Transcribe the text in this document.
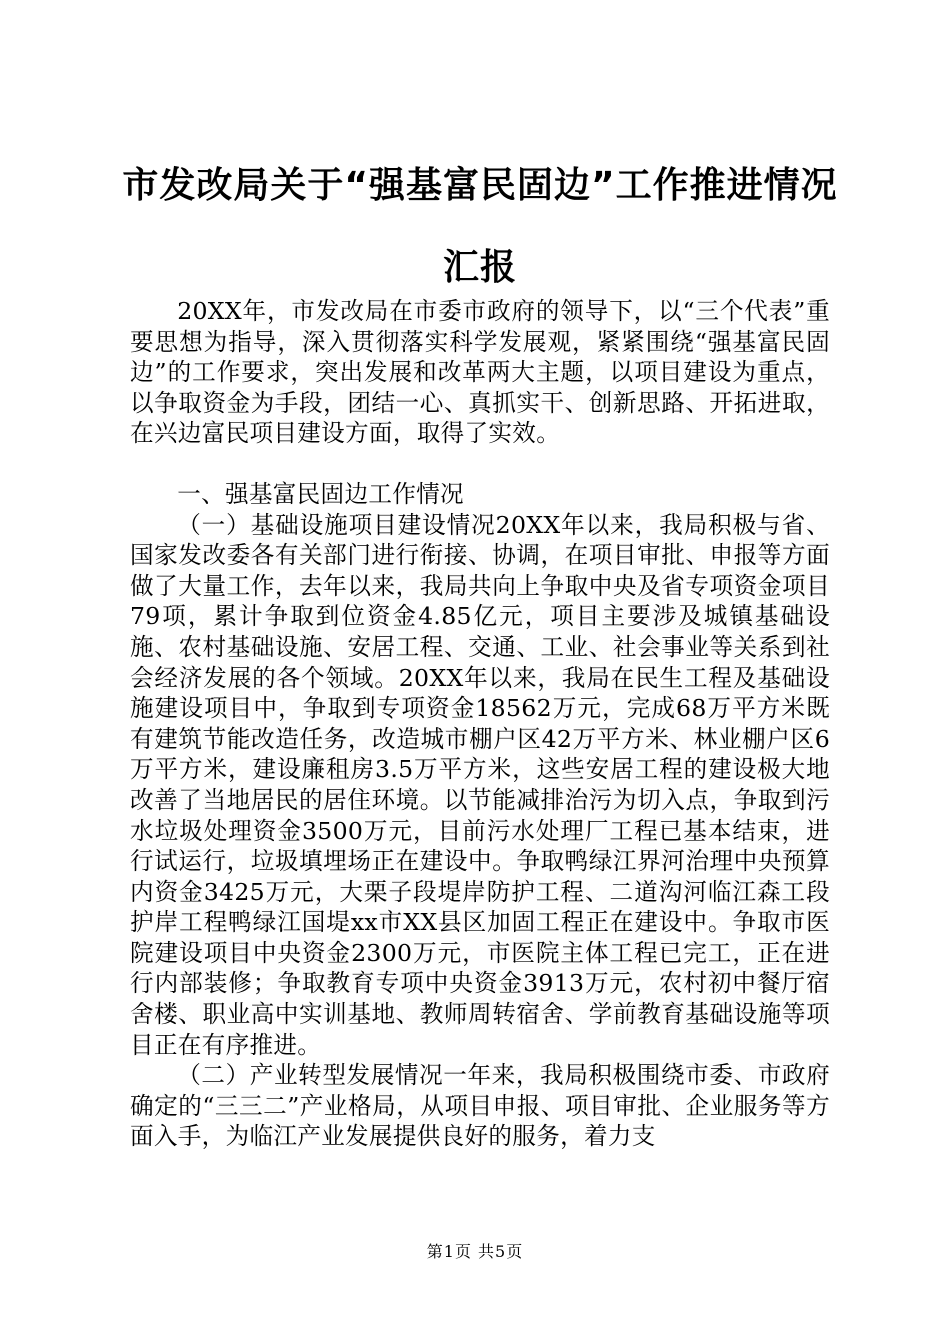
市发改局关于“强基富民固边”工作推进情况
汇报

20XX年，市发改局在市委市政府的领导下，以“三个代表”重要思想为指导，深入贯彻落实科学发展观，紧紧围绕“强基富民固边”的工作要求，突出发展和改革两大主题，以项目建设为重点，以争取资金为手段，团结一心、真抓实干、创新思路、开拓进取，在兴边富民项目建设方面，取得了实效。

一、强基富民固边工作情况

（一）基础设施项目建设情况20XX年以来，我局积极与省、国家发改委各有关部门进行衔接、协调，在项目审批、申报等方面做了大量工作，去年以来，我局共向上争取中央及省专项资金项目79项，累计争取到位资金4.85亿元，项目主要涉及城镇基础设施、农村基础设施、安居工程、交通、工业、社会事业等关系到社会经济发展的各个领域。20XX年以来，我局在民生工程及基础设施建设项目中，争取到专项资金18562万元，完成68万平方米既有建筑节能改造任务，改造城市棚户区42万平方米、林业棚户区6万平方米，建设廉租房3.5万平方米，这些安居工程的建设极大地改善了当地居民的居住环境。以节能减排治污为切入点，争取到污水垃圾处理资金3500万元，目前污水处理厂工程已基本结束，进行试运行，垃圾填埋场正在建设中。争取鸭绿江界河治理中央预算内资金3425万元，大栗子段堤岸防护工程、二道沟河临江森工段护岸工程鸭绿江国堤xx市XX县区加固工程正在建设中。争取市医院建设项目中央资金2300万元，市医院主体工程已完工，正在进行内部装修；争取教育专项中央资金3913万元，农村初中餐厅宿舍楼、职业高中实训基地、教师周转宿舍、学前教育基础设施等项目正在有序推进。

（二）产业转型发展情况一年来，我局积极围绕市委、市政府确定的“三三二”产业格局，从项目申报、项目审批、企业服务等方面入手，为临江产业发展提供良好的服务，着力支

第1页 共5页
